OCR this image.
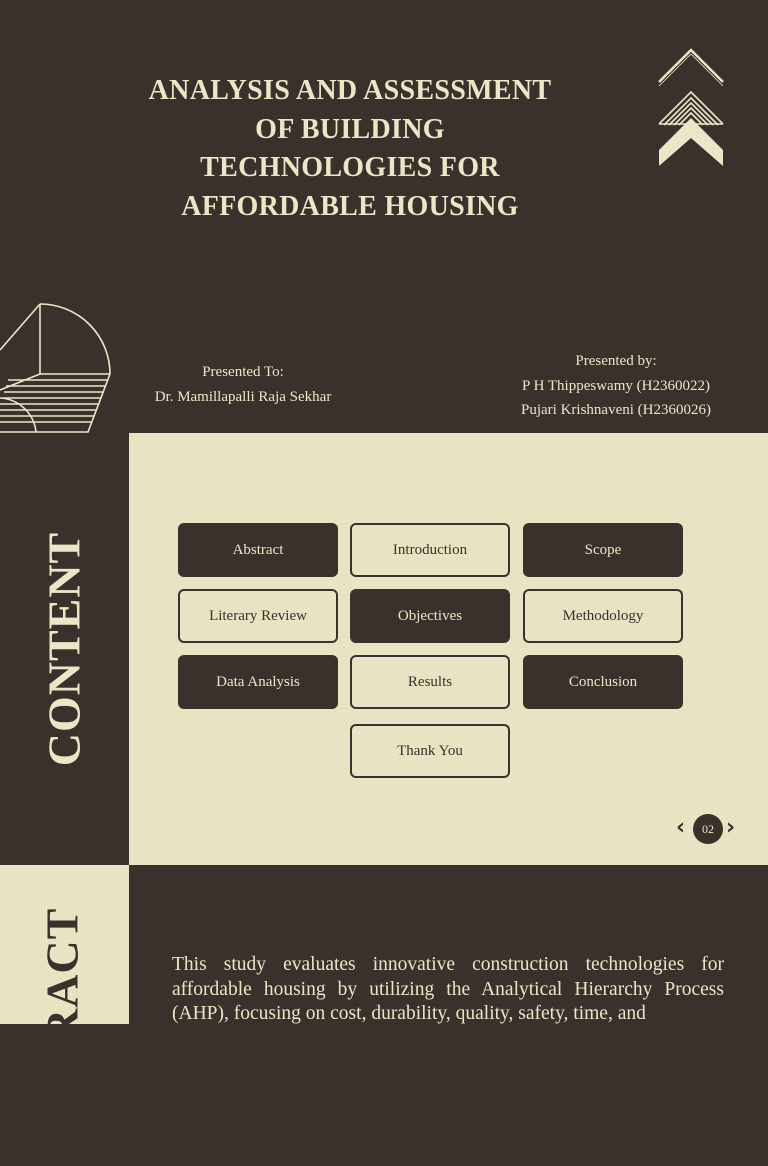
ANALYSIS AND ASSESSMENT OF BUILDING TECHNOLOGIES FOR AFFORDABLE HOUSING
Presented To:
Dr. Mamillapalli Raja Sekhar
Presented by:
P H Thippeswamy (H2360022)
Pujari Krishnaveni (H2360026)
CONTENT	Abstract	Introduction	Scope
Literary Review	Objectives	Methodology
Data Analysis	Results	Conclusion
Thank You
‹	02 ›
ABSTRACT	This study evaluates innovative construction technologies for affordable housing by utilizing the Analytical Hierarchy Process (AHP), focusing on cost, durability, quality, safety, time, and
